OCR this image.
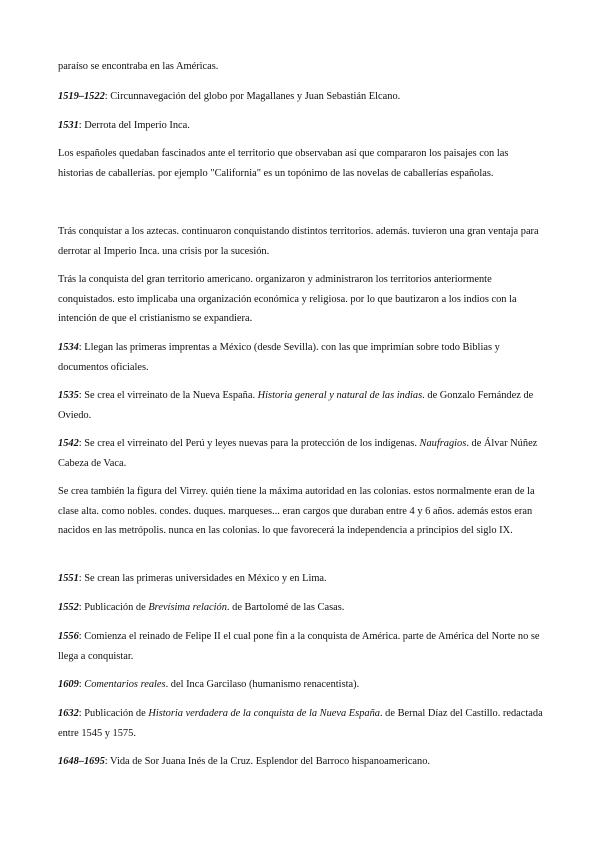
paraíso se encontraba en las Américas.

1519–1522: Circunnavegación del globo por Magallanes y Juan Sebastián Elcano.

1531: Derrota del Imperio Inca.

Los españoles quedaban fascinados ante el territorio que observaban así que compararon los paisajes con las historias de caballerías. por ejemplo "California" es un topónimo de las novelas de caballerías españolas.

Trás conquistar a los aztecas. continuaron conquistando distintos territorios. además. tuvieron una gran ventaja para derrotar al Imperio Inca. una crisis por la sucesión.

Trás la conquista del gran territorio americano. organizaron y administraron los territorios anteriormente conquistados. esto implicaba una organización económica y religiosa. por lo que bautizaron a los indios con la intención de que el cristianismo se expandiera.

1534: Llegan las primeras imprentas a México (desde Sevilla). con las que imprimían sobre todo Biblias y documentos oficiales.

1535: Se crea el virreinato de la Nueva España. Historia general y natural de las indias. de Gonzalo Fernández de Oviedo.

1542: Se crea el virreinato del Perú y leyes nuevas para la protección de los indígenas. Naufragios. de Álvar Núñez Cabeza de Vaca.

Se crea también la figura del Virrey. quién tiene la máxima autoridad en las colonias. estos normalmente eran de la clase alta. como nobles. condes. duques. marqueses... eran cargos que duraban entre 4 y 6 años. además estos eran nacidos en las metrópolis. nunca en las colonias. lo que favorecerá la independencia a principios del siglo IX.

1551: Se crean las primeras universidades en México y en Lima.

1552: Publicación de Brevísima relación. de Bartolomé de las Casas.

1556: Comienza el reinado de Felipe II el cual pone fin a la conquista de América. parte de América del Norte no se llega a conquistar.

1609: Comentarios reales. del Inca Garcilaso (humanismo renacentista).

1632: Publicación de Historia verdadera de la conquista de la Nueva España. de Bernal Díaz del Castillo. redactada entre 1545 y 1575.

1648–1695: Vida de Sor Juana Inés de la Cruz. Esplendor del Barroco hispanoamericano.
